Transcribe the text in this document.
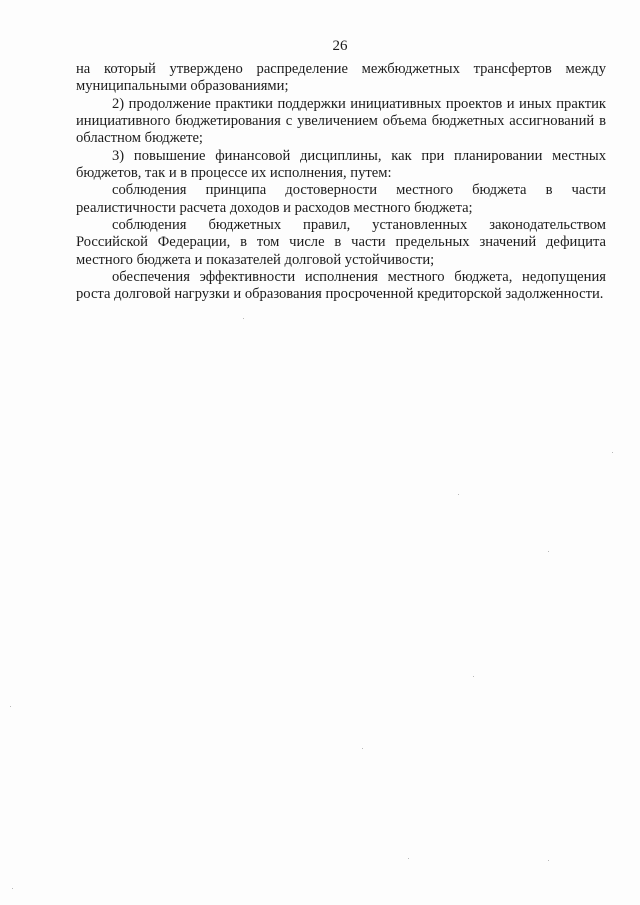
26

на который утверждено распределение межбюджетных трансфертов между муниципальными образованиями;

2) продолжение практики поддержки инициативных проектов и иных практик инициативного бюджетирования с увеличением объема бюджетных ассигнований в областном бюджете;

3) повышение финансовой дисциплины, как при планировании местных бюджетов, так и в процессе их исполнения, путем:

соблюдения принципа достоверности местного бюджета в части реалистичности расчета доходов и расходов местного бюджета;

соблюдения бюджетных правил, установленных законодательством Российской Федерации, в том числе в части предельных значений дефицита местного бюджета и показателей долговой устойчивости;

обеспечения эффективности исполнения местного бюджета, недопущения роста долговой нагрузки и образования просроченной кредиторской задолженности.
